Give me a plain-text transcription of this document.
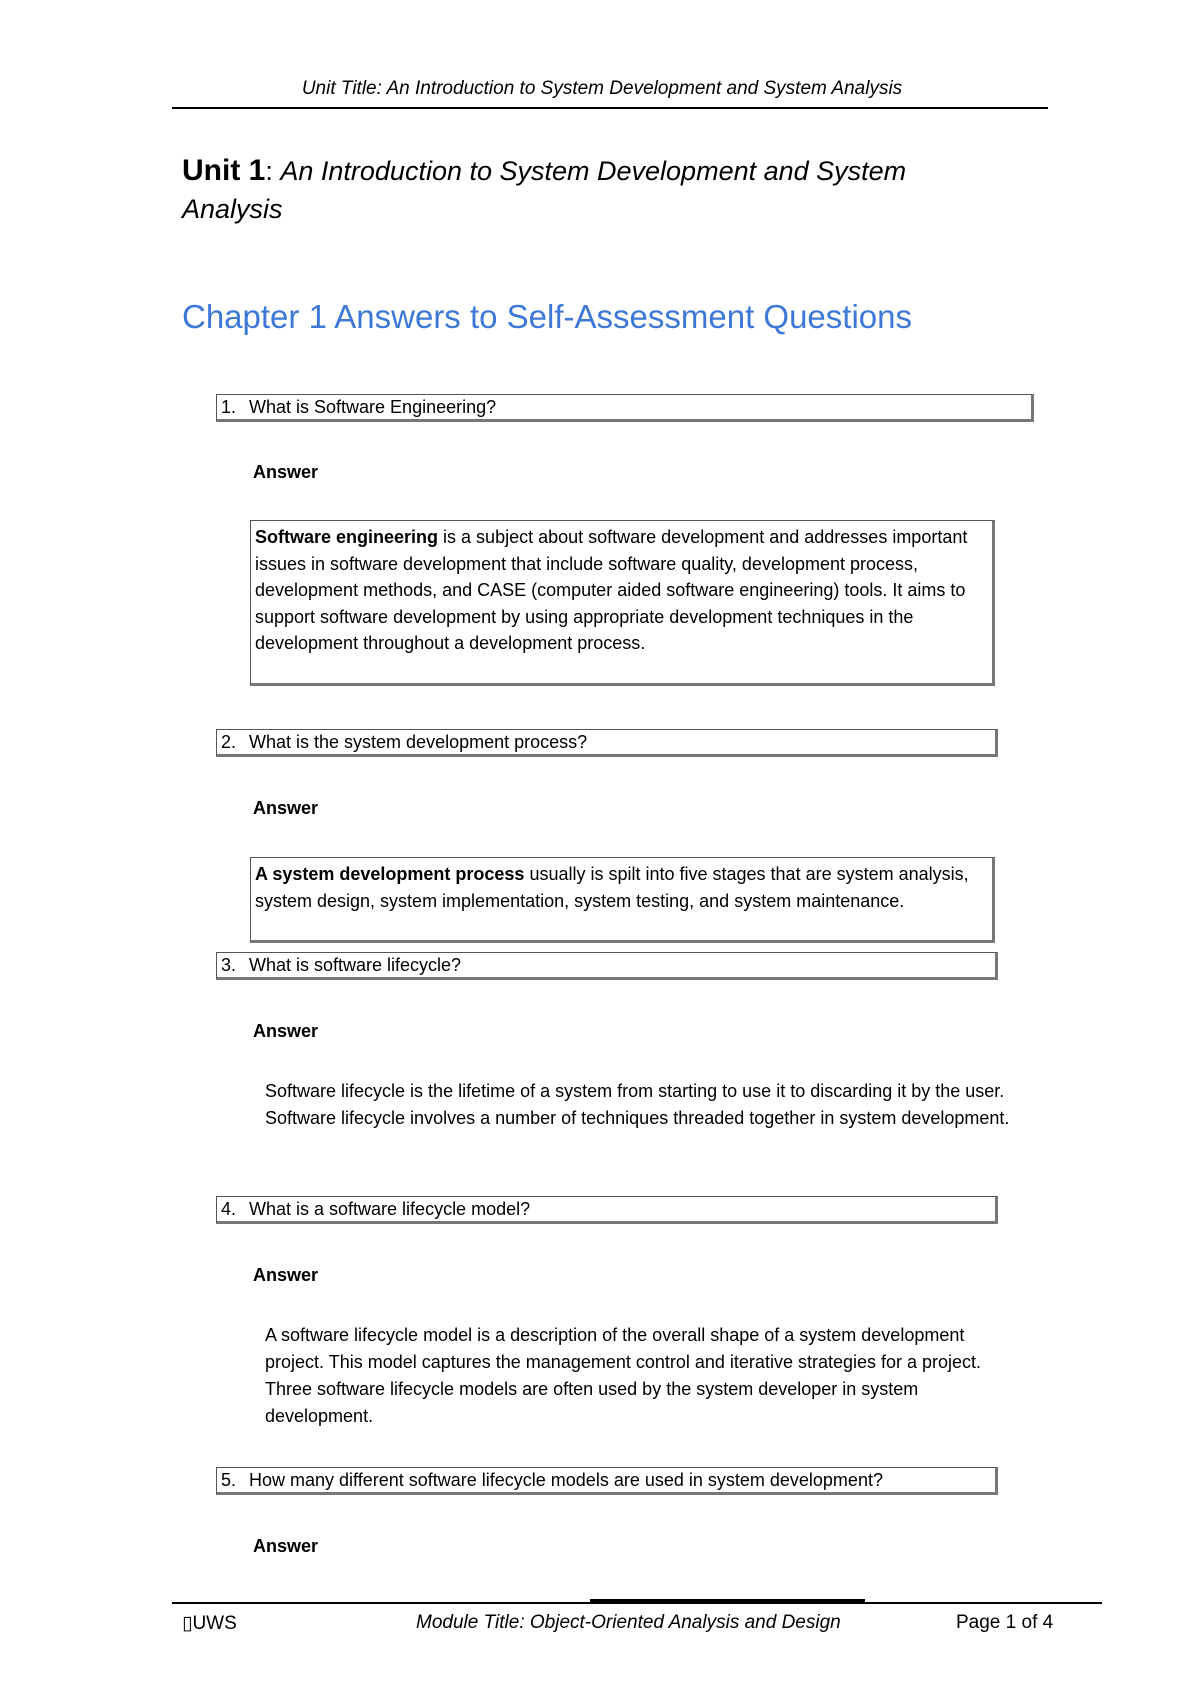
Unit Title: An Introduction to System Development and System Analysis
Unit 1: An Introduction to System Development and System Analysis
Chapter 1 Answers to Self-Assessment Questions
1. What is Software Engineering?
Answer
Software engineering is a subject about software development and addresses important issues in software development that include software quality, development process, development methods, and CASE (computer aided software engineering) tools. It aims to support software development by using appropriate development techniques in the development throughout a development process.
2. What is the system development process?
Answer
A system development process usually is spilt into five stages that are system analysis, system design, system implementation, system testing, and system maintenance.
3. What is software lifecycle?
Answer
Software lifecycle is the lifetime of a system from starting to use it to discarding it by the user. Software lifecycle involves a number of techniques threaded together in system development.
4. What is a software lifecycle model?
Answer
A software lifecycle model is a description of the overall shape of a system development project. This model captures the management control and iterative strategies for a project. Three software lifecycle models are often used by the system developer in system development.
5. How many different software lifecycle models are used in system development?
Answer
▯UWS	Module Title: Object-Oriented Analysis and Design	Page 1 of 4
